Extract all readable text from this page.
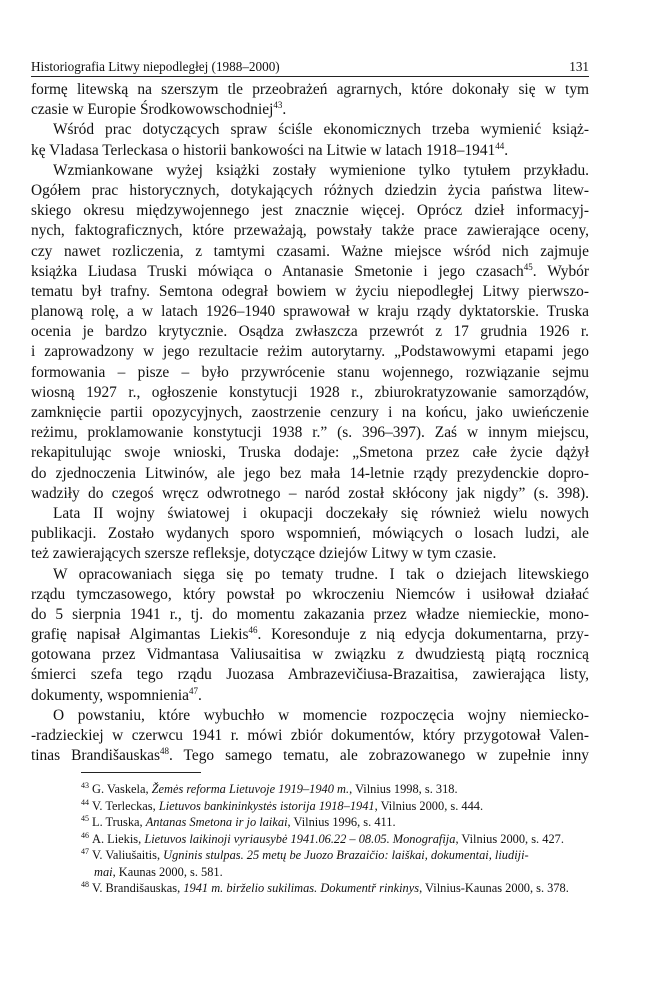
Historiografia Litwy niepodległej (1988–2000)	131
formę litewską na szerszym tle przeobrażeń agrarnych, które dokonały się w tym
czasie w Europie Środkowowschodniej$^{43}$.
Wśród prac dotyczących spraw ściśle ekonomicznych trzeba wymienić książ-
kę Vladasa Terleckasa o historii bankowości na Litwie w latach 1918–1941$^{44}$.
Wzmiankowane wyżej książki zostały wymienione tylko tytułem przykładu.
Ogółem prac historycznych, dotykających różnych dziedzin życia państwa litew-
skiego okresu międzywojennego jest znacznie więcej. Oprócz dzieł informacyj-
nych, faktograficznych, które przeważają, powstały także prace zawierające oceny,
czy nawet rozliczenia, z tamtymi czasami. Ważne miejsce wśród nich zajmuje
książka Liudasa Truski mówiąca o Antanasie Smetonie i jego czasach$^{45}$. Wybór
tematu był trafny. Semtona odegrał bowiem w życiu niepodległej Litwy pierwszo-
planową rolę, a w latach 1926–1940 sprawował w kraju rządy dyktatorskie. Truska
ocenia je bardzo krytycznie. Osądza zwłaszcza przewrót z 17 grudnia 1926 r.
i zaprowadzony w jego rezultacie reżim autorytarny. „Podstawowymi etapami jego
formowania – pisze – było przywrócenie stanu wojennego, rozwiązanie sejmu
wiosną 1927 r., ogłoszenie konstytucji 1928 r., zbiurokratyzowanie samorządów,
zamknięcie partii opozycyjnych, zaostrzenie cenzury i na końcu, jako uwieńczenie
reżimu, proklamowanie konstytucji 1938 r.” (s. 396–397). Zaś w innym miejscu,
rekapitulując swoje wnioski, Truska dodaje: „Smetona przez całe życie dążył
do zjednoczenia Litwinów, ale jego bez mała 14-letnie rządy prezydenckie dopro-
wadziły do czegoś wręcz odwrotnego – naród został skłócony jak nigdy” (s. 398).
Lata II wojny światowej i okupacji doczekały się również wielu nowych
publikacji. Zostało wydanych sporo wspomnień, mówiących o losach ludzi, ale
też zawierających szersze refleksje, dotyczące dziejów Litwy w tym czasie.
W opracowaniach sięga się po tematy trudne. I tak o dziejach litewskiego
rządu tymczasowego, który powstał po wkroczeniu Niemców i usiłował działać
do 5 sierpnia 1941 r., tj. do momentu zakazania przez władze niemieckie, mono-
grafię napisał Algimantas Liekis$^{46}$. Koresonduje z nią edycja dokumentarna, przy-
gotowana przez Vidmantasa Valiusaitisa w związku z dwudziestą piątą rocznicą
śmierci szefa tego rządu Juozasa Ambrazevičiusa-Brazaitisa, zawierająca listy,
dokumenty, wspomnienia$^{47}$.
O powstaniu, które wybuchło w momencie rozpoczęcia wojny niemiecko-
-radzieckiej w czerwcu 1941 r. mówi zbiór dokumentów, który przygotował Valen-
tinas Brandišauskas$^{48}$. Tego samego tematu, ale zobrazowanego w zupełnie inny
$^{43}$ G. Vaskela, Žemės reforma Lietuvoje 1919–1940 m., Vilnius 1998, s. 318.
$^{44}$ V. Terleckas, Lietuvos bankininkystės istorija 1918–1941, Vilnius 2000, s. 444.
$^{45}$ L. Truska, Antanas Smetona ir jo laikai, Vilnius 1996, s. 411.
$^{46}$ A. Liekis, Lietuvos laikinoji vyriausybė 1941.06.22 – 08.05. Monografija, Vilnius 2000, s. 427.
$^{47}$ V. Valiušaitis, Ugninis stulpas. 25 metų be Juozo Brazaičio: laiškai, dokumentai, liudiji-
mai, Kaunas 2000, s. 581.
$^{48}$ V. Brandišauskas, 1941 m. birželio sukilimas. Dokumentř rinkinys, Vilnius-Kaunas 2000, s. 378.
